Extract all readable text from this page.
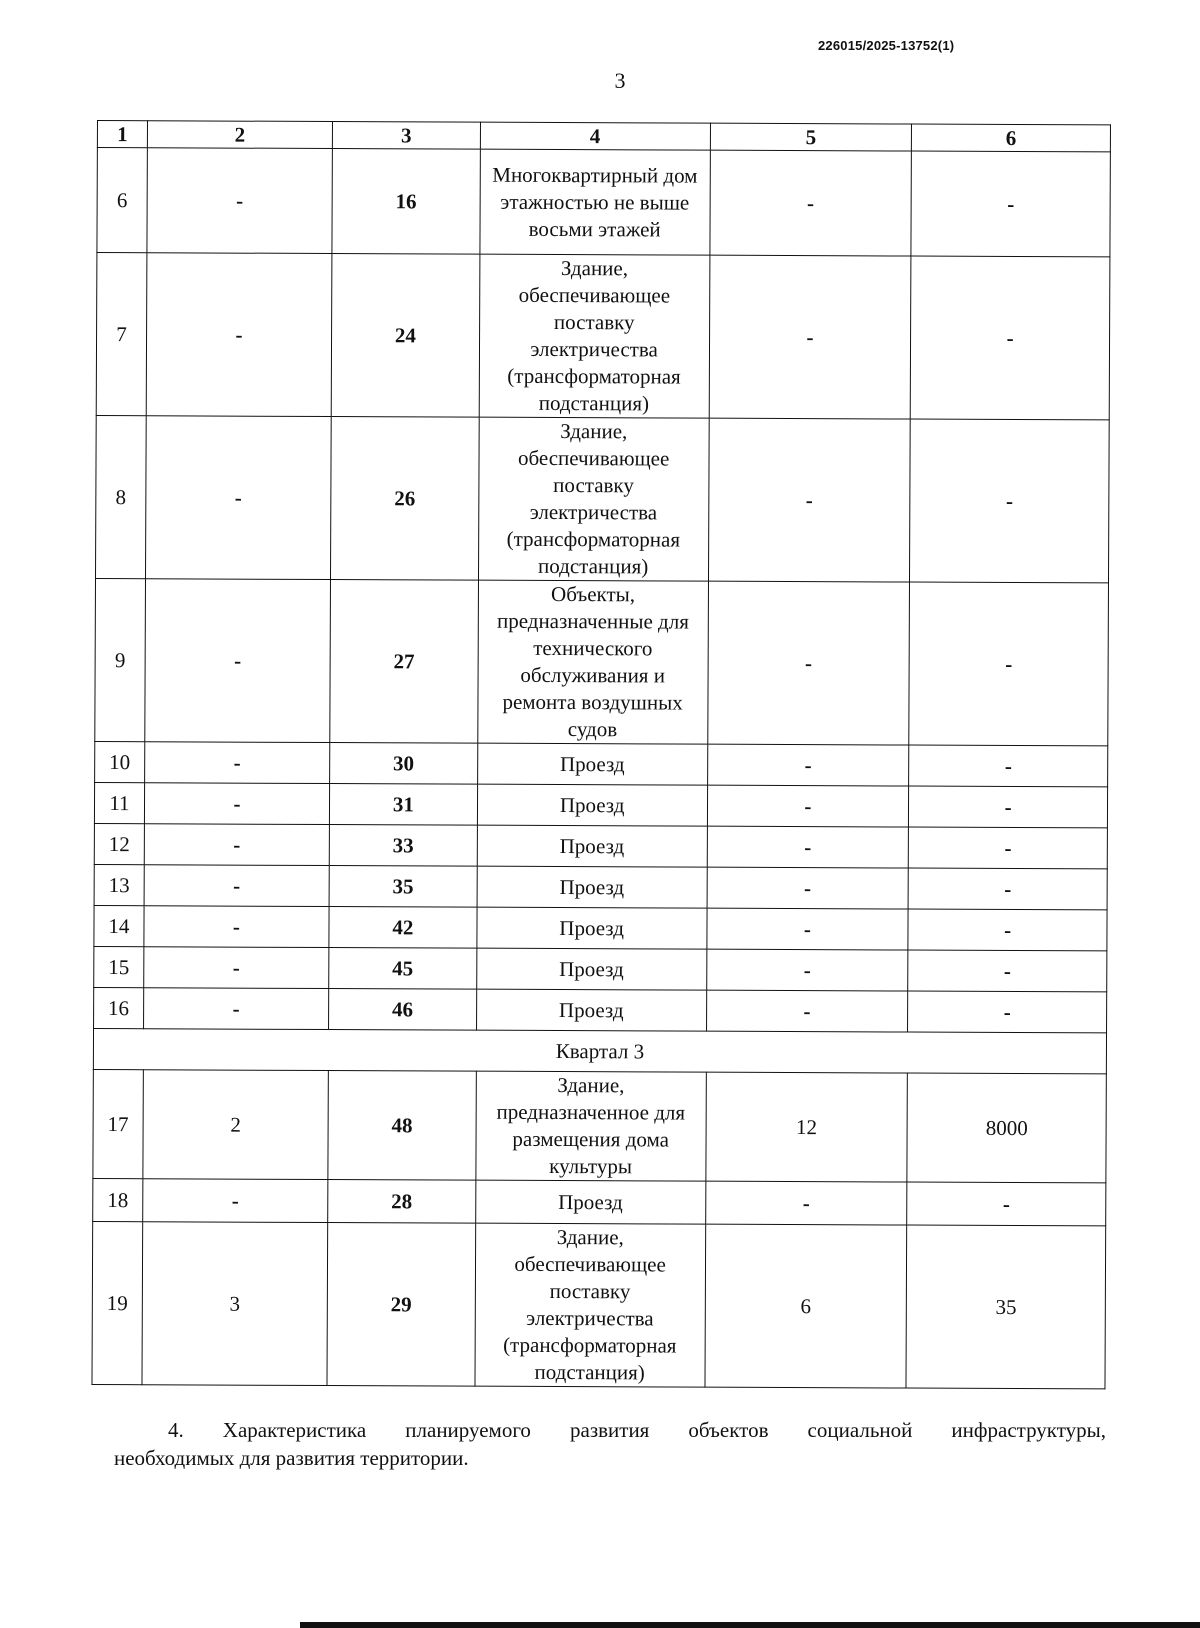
226015/2025-13752(1)
3
1	2	3	4	5	6
6	-	16	Многоквартирный дом этажностью не выше восьми этажей	-	-
7	-	24	Здание, обеспечивающее поставку электричества (трансформаторная подстанция)	-	-
8	-	26	Здание, обеспечивающее поставку электричества (трансформаторная подстанция)	-	-
9	-	27	Объекты, предназначенные для технического обслуживания и ремонта воздушных судов	-	-
10	-	30	Проезд	-	-
11	-	31	Проезд	-	-
12	-	33	Проезд	-	-
13	-	35	Проезд	-	-
14	-	42	Проезд	-	-
15	-	45	Проезд	-	-
16	-	46	Проезд	-	-
Квартал 3					
17	2	48	Здание, предназначенное для размещения дома культуры	12	8000
18	-	28	Проезд	-	-
19	3	29	Здание, обеспечивающее поставку электричества (трансформаторная подстанция)	6	35
4. Характеристика планируемого развития объектов социальной инфраструктуры,
необходимых для развития территории.
